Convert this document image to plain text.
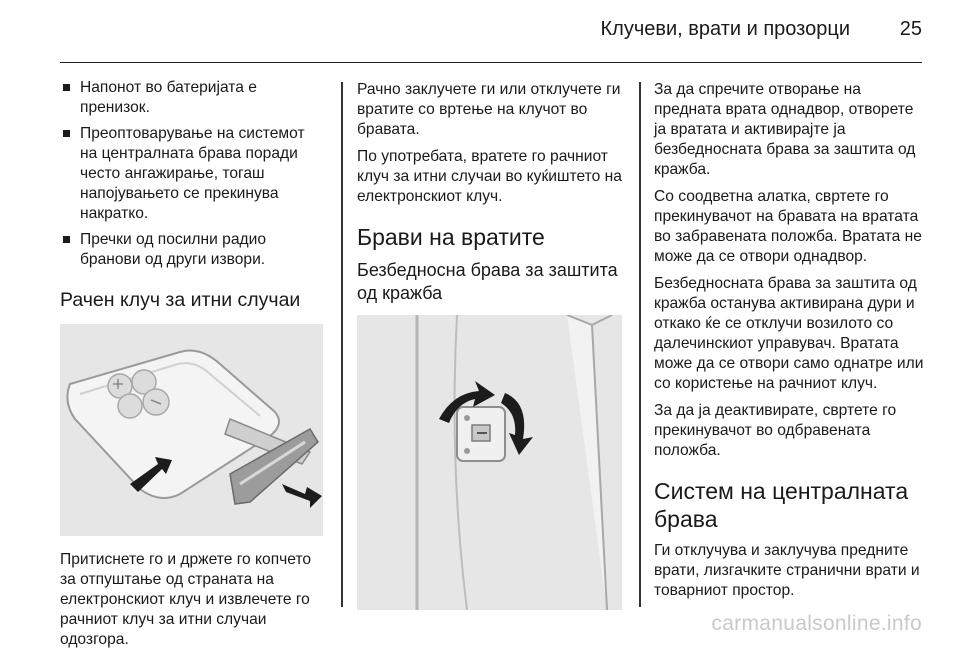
Клучеви, врати и прозорци 25
Напонот во батеријата е пренизок.
Преоптоварување на системот на централната брава поради често ангажирање, тогаш напојувањето се прекинува накратко.
Пречки од посилни радио бранови од други извори.
Рачен клуч за итни случаи
Притиснете го и држете го копчето за отпуштање од страната на електронскиот клуч и извлечете го рачниот клуч за итни случаи одозгора.
Рачно заклучете ги или отклучете ги вратите со вртење на клучот во бравата.
По употребата, вратете го рачниот клуч за итни случаи во куќиштето на електронскиот клуч.
Брави на вратите
Безбедносна брава за заштита од кражба
За да спречите отворање на предната врата однадвор, отворете ја вратата и активирајте ја безбедносната брава за заштита од кражба.
Со соодветна алатка, свртете го прекинувачот на бравата на вратата во забравената положба. Вратата не може да се отвори однадвор.
Безбедносната брава за заштита од кражба останува активирана дури и откако ќе се отклучи возилото со далечинскиот управувач. Вратата може да се отвори само однатре или со користење на рачниот клуч.
За да ја деактивирате, свртете го прекинувачот во одбравената положба.
Систем на централната брава
Ги отклучува и заклучува предните врати, лизгачките странични врати и товарниот простор.
carmanualsonline.info
